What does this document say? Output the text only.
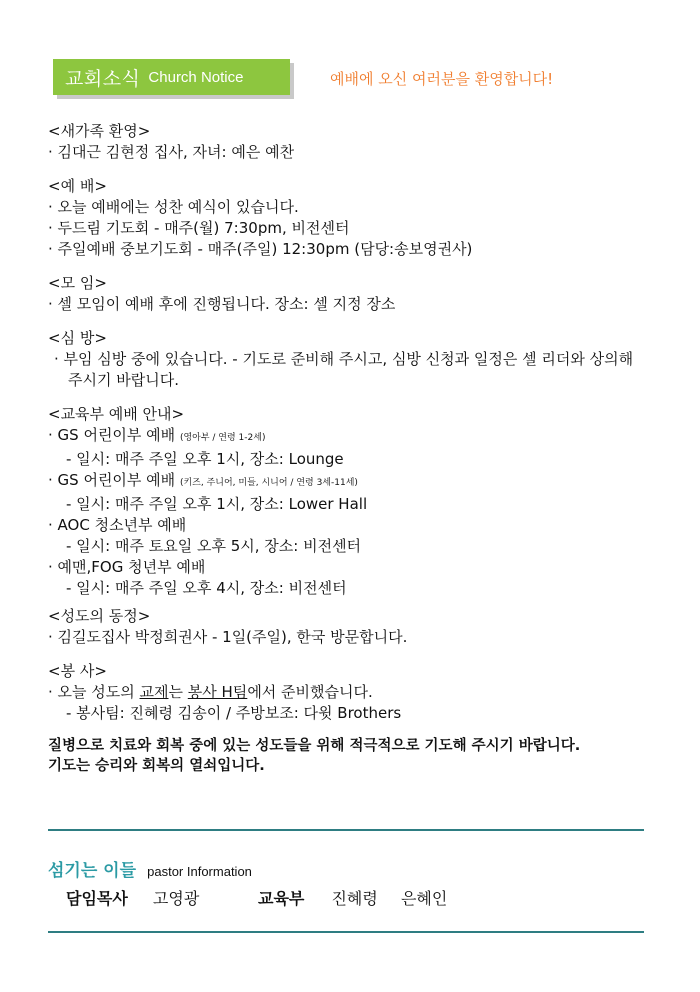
교회소식 Church Notice	예배에 오신 여러분을 환영합니다!

<새가족 환영>

· 김대근 김현정 집사, 자녀: 예은 예찬

<예 배>

· 오늘 예배에는 성찬 예식이 있습니다.

· 두드림 기도회 - 매주(월) 7:30pm, 비전센터

· 주일예배 중보기도회 - 매주(주일) 12:30pm (담당:송보영권사)

<모 임>

· 셀 모임이 예배 후에 진행됩니다. 장소: 셀 지정 장소

<심 방>

· 부임 심방 중에 있습니다. - 기도로 준비해 주시고, 심방 신청과 일정은 셀 리더와 상의해 주시기 바랍니다.

<교육부 예배 안내>

· GS 어린이부 예배 (영아부 / 연령 1-2세)

- 일시: 매주 주일 오후 1시, 장소: Lounge

· GS 어린이부 예배 (키즈, 주니어, 미들, 시니어 / 연령 3세-11세)

- 일시: 매주 주일 오후 1시, 장소: Lower Hall

· AOC 청소년부 예배

- 일시: 매주 토요일 오후 5시, 장소: 비전센터

· 예맨,FOG 청년부 예배

- 일시: 매주 주일 오후 4시, 장소: 비전센터

<성도의 동정>

· 김길도집사 박정희권사 - 1일(주일), 한국 방문합니다.

<봉 사>

· 오늘 성도의 교제는 봉사 H팀에서 준비했습니다.

- 봉사팀: 진혜령 김송이 / 주방보조: 다윗 Brothers

질병으로 치료와 회복 중에 있는 성도들을 위해 적극적으로 기도해 주시기 바랍니다.

기도는 승리와 회복의 열쇠입니다.

섬기는 이들 pastor Information
담임목사 고영광	교육부 진혜령 은혜인
